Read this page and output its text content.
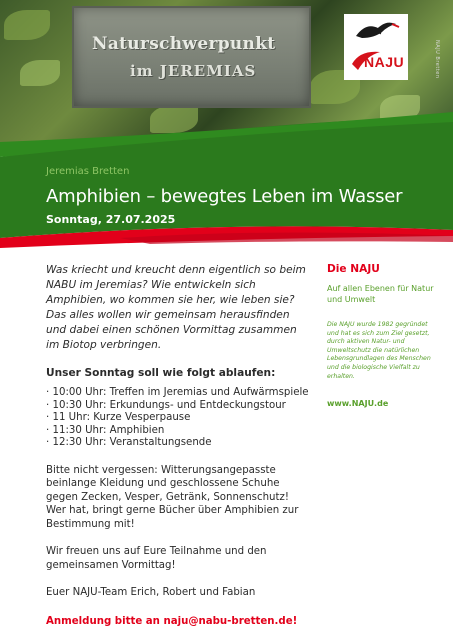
Naturschwerpunkt
im JEREMIAS	NAJU	NAJU Bretten
Jeremias Bretten
Amphibien – bewegtes Leben im Wasser
Sonntag, 27.07.2025

Was kriecht und kreucht denn eigentlich so beim NABU im Jeremias? Wie entwickeln sich Amphibien, wo kommen sie her, wie leben sie? Das alles wollen wir gemeinsam herausfinden und dabei einen schönen Vormittag zusammen im Biotop verbringen.

Unser Sonntag soll wie folgt ablaufen:
· 10:00 Uhr: Treffen im Jeremias und Aufwärmspiele
· 10:30 Uhr: Erkundungs- und Entdeckungstour
· 11 Uhr: Kurze Vesperpause
· 11:30 Uhr: Amphibien
· 12:30 Uhr: Veranstaltungsende

Bitte nicht vergessen: Witterungsangepasste beinlange Kleidung und geschlossene Schuhe gegen Zecken, Vesper, Getränk, Sonnenschutz! Wer hat, bringt gerne Bücher über Amphibien zur Bestimmung mit!

Wir freuen uns auf Eure Teilnahme und den gemeinsamen Vormittag!

Euer NAJU-Team Erich, Robert und Fabian

Anmeldung bitte an naju@nabu-bretten.de!

Die NAJU

Auf allen Ebenen für Natur und Umwelt

Die NAJU wurde 1982 gegründet und hat es sich zum Ziel gesetzt, durch aktiven Natur- und Umweltschutz die natürlichen Lebensgrundlagen des Menschen und die biologische Vielfalt zu erhalten.

www.NAJU.de
